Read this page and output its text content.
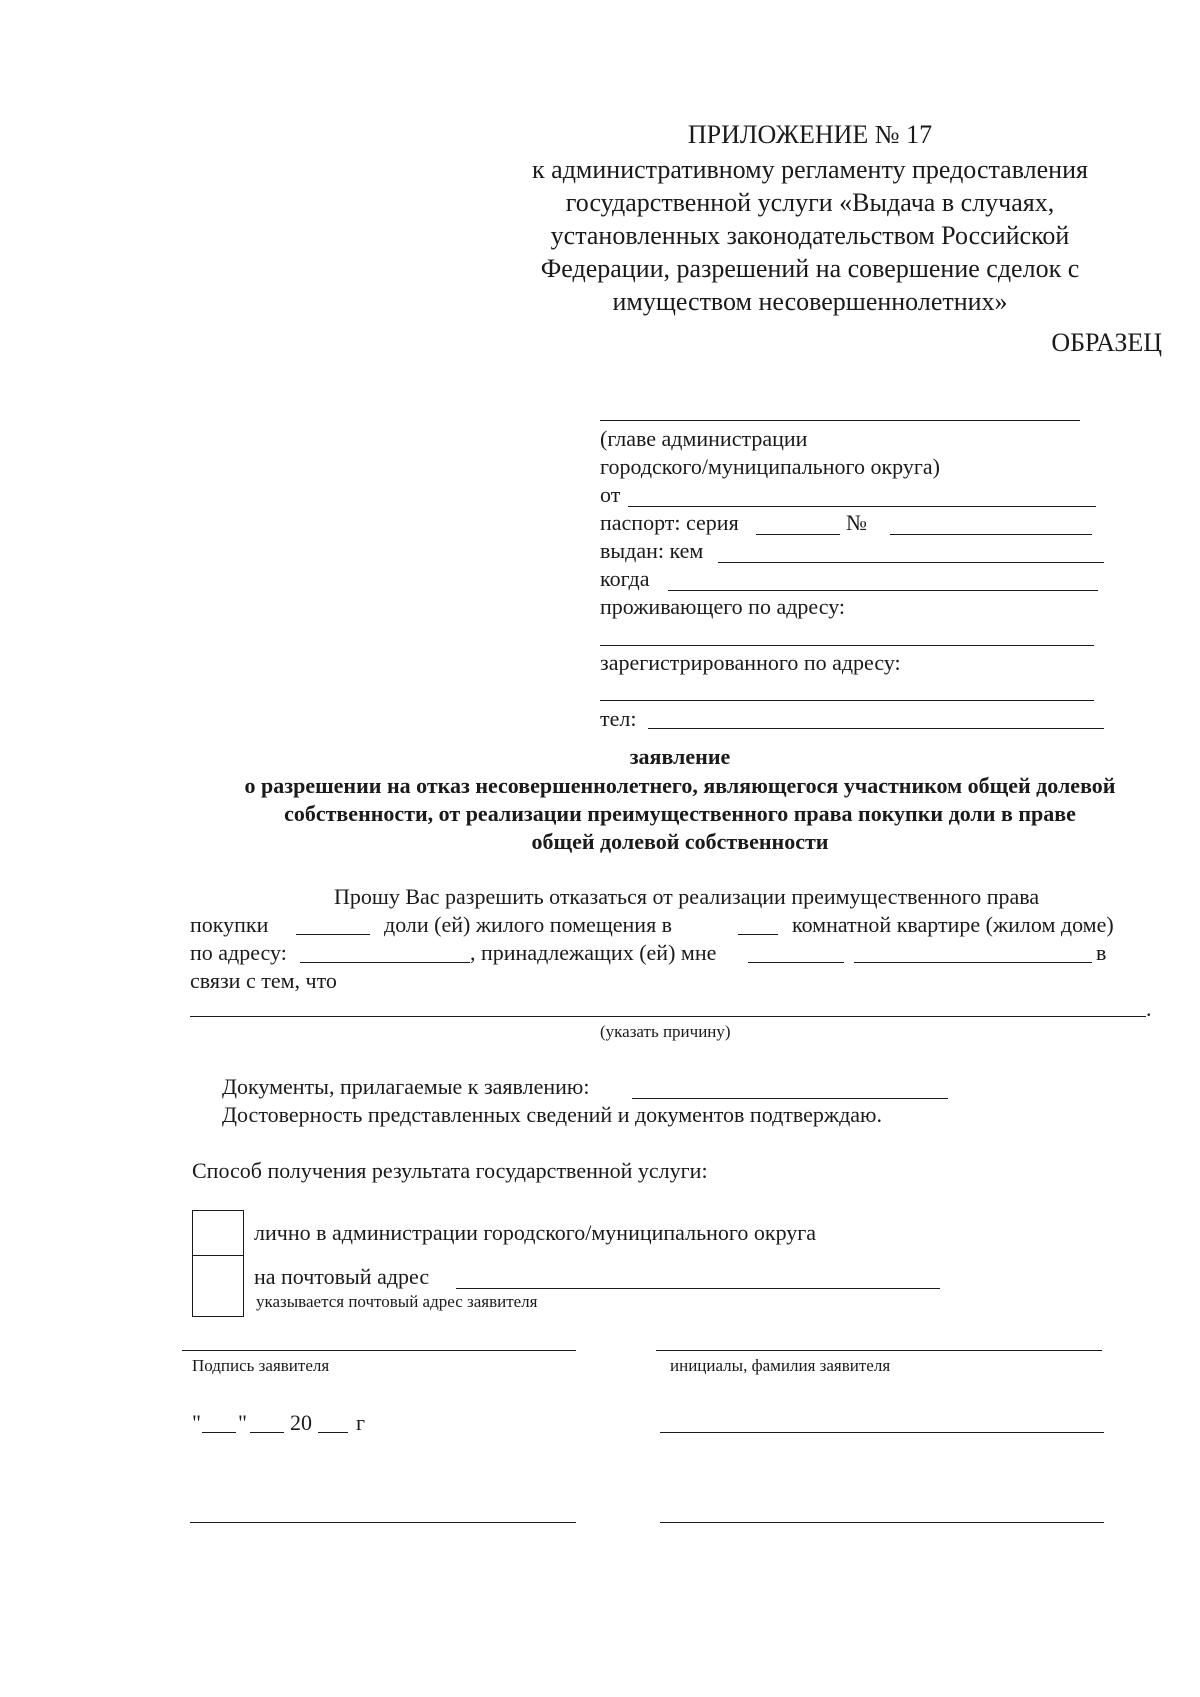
ПРИЛОЖЕНИЕ № 17
к административному регламенту предоставления
государственной услуги «Выдача в случаях,
установленных законодательством Российской
Федерации, разрешений на совершение сделок с
имуществом несовершеннолетних»
ОБРАЗЕЦ
(главе администрации
городского/муниципального округа)
от
паспорт: серия	№
выдан: кем
когда
проживающего по адресу:
зарегистрированного по адресу:
тел:
заявление
о разрешении на отказ несовершеннолетнего, являющегося участником общей долевой
собственности, от реализации преимущественного права покупки доли в праве
общей долевой собственности
Прошу Вас разрешить отказаться от реализации преимущественного права
покупки	доли (ей) жилого помещения в	комнатной квартире (жилом доме)
по адресу:	, принадлежащих (ей) мне	в
связи с тем, что
.
(указать причину)
Документы, прилагаемые к заявлению:
Достоверность представленных сведений и документов подтверждаю.
Способ получения результата государственной услуги:
лично в администрации городского/муниципального округа
на почтовый адрес
указывается почтовый адрес заявителя
Подпись заявителя	инициалы, фамилия заявителя
" " 20 г
